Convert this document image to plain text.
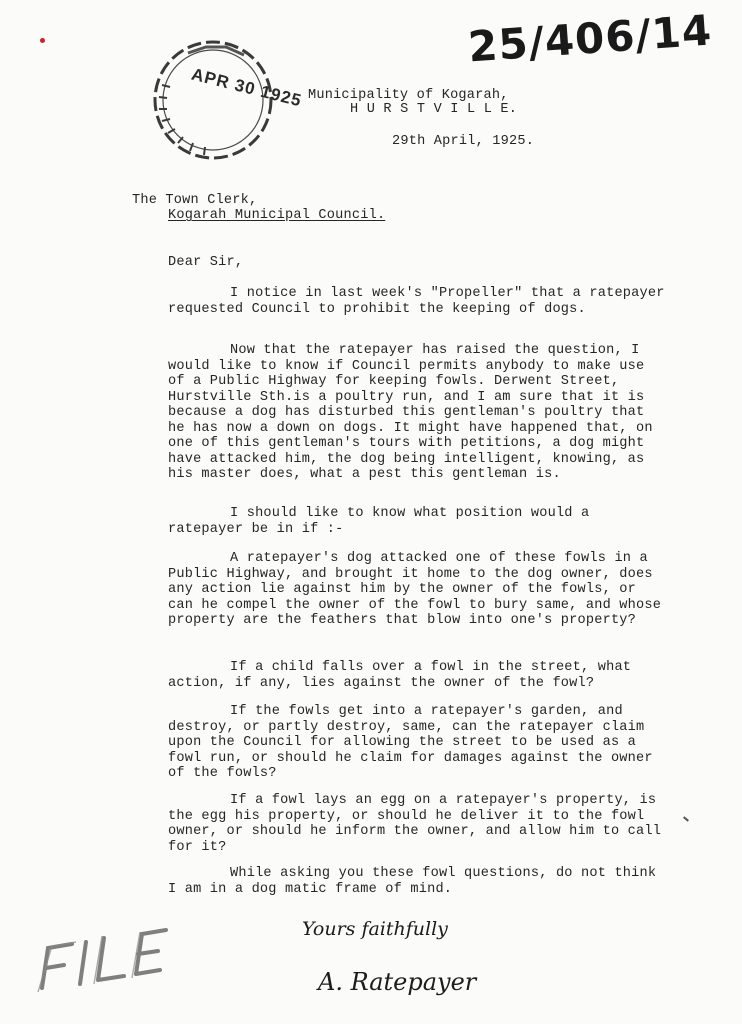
25/406/14
APR 30 1925 Municipality of Kogarah,
H U R S T V I L L E.
29th April, 1925.
The Town Clerk,
Kogarah Municipal Council.
Dear Sir,
I notice in last week's "Propeller" that a ratepayer requested Council to prohibit the keeping of dogs.
Now that the ratepayer has raised the question, I would like to know if Council permits anybody to make use of a Public Highway for keeping fowls. Derwent Street, Hurstville Sth.is a poultry run, and I am sure that it is because a dog has disturbed this gentleman's poultry that he has now a down on dogs. It might have happened that, on one of this gentleman's tours with petitions, a dog might have attacked him, the dog being intelligent, knowing, as his master does, what a pest this gentleman is.
I should like to know what position would a ratepayer be in if :-
A ratepayer's dog attacked one of these fowls in a Public Highway, and brought it home to the dog owner, does any action lie against him by the owner of the fowls, or can he compel the owner of the fowl to bury same, and whose property are the feathers that blow into one's property?
If a child falls over a fowl in the street, what action, if any, lies against the owner of the fowl?
If the fowls get into a ratepayer's garden, and destroy, or partly destroy, same, can the ratepayer claim upon the Council for allowing the street to be used as a fowl run, or should he claim for damages against the owner of the fowls?
If a fowl lays an egg on a ratepayer's property, is the egg his property, or should he deliver it to the fowl owner, or should he inform the owner, and allow him to call for it?
While asking you these fowl questions, do not think I am in a dog matic frame of mind.
Yours faithfully
A. Ratepayer
